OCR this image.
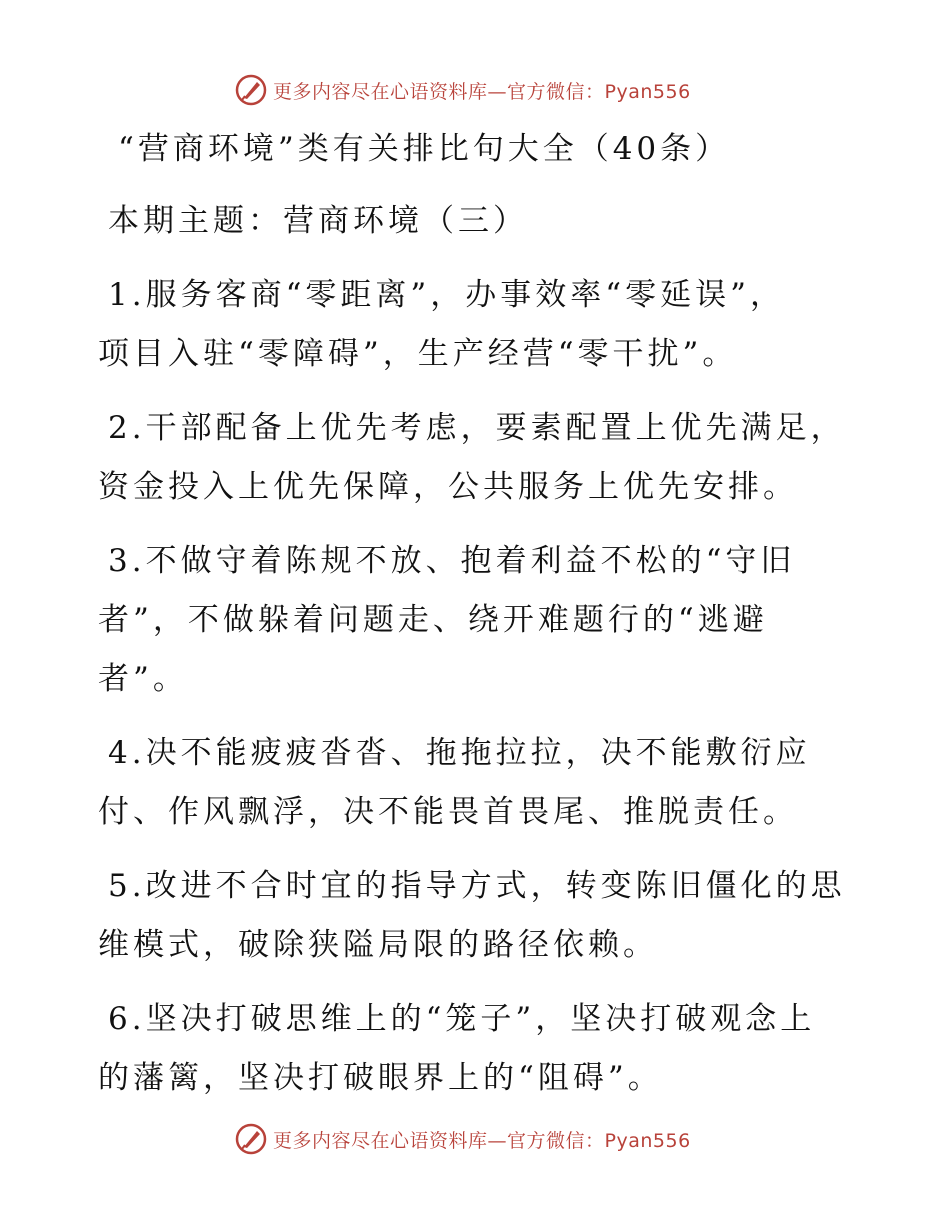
更多内容尽在心语资料库—官方微信：Pyan556
“营商环境”类有关排比句大全（40条）
本期主题：营商环境（三）
1.服务客商“零距离”，办事效率“零延误”，
项目入驻“零障碍”，生产经营“零干扰”。
2.干部配备上优先考虑，要素配置上优先满足，
资金投入上优先保障，公共服务上优先安排。
3.不做守着陈规不放、抱着利益不松的“守旧
者”，不做躲着问题走、绕开难题行的“逃避
者”。
4.决不能疲疲沓沓、拖拖拉拉，决不能敷衍应
付、作风飘浮，决不能畏首畏尾、推脱责任。
5.改进不合时宜的指导方式，转变陈旧僵化的思
维模式，破除狭隘局限的路径依赖。
6.坚决打破思维上的“笼子”，坚决打破观念上
的藩篱，坚决打破眼界上的“阻碍”。
更多内容尽在心语资料库—官方微信：Pyan556
